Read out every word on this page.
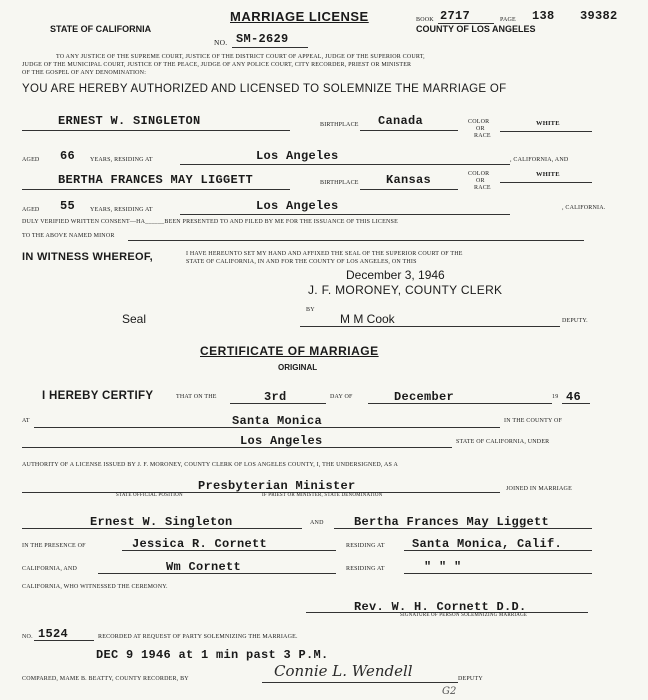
STATE OF CALIFORNIA
MARRIAGE LICENSE
NO. SM-2629
BOOK 2717	PAGE 138 39382
COUNTY OF LOS ANGELES
TO ANY JUSTICE OF THE SUPREME COURT, JUSTICE OF THE DISTRICT COURT OF APPEAL, JUDGE OF THE SUPERIOR COURT,
JUDGE OF THE MUNICIPAL COURT, JUSTICE OF THE PEACE, JUDGE OF ANY POLICE COURT, CITY RECORDER, PRIEST OR MINISTER
OF THE GOSPEL OF ANY DENOMINATION:
YOU ARE HEREBY AUTHORIZED AND LICENSED TO SOLEMNIZE THE MARRIAGE OF
ERNEST W. SINGLETON	BIRTHPLACE Canada	COLOR
OR
RACE
WHITE
AGED 66 YEARS, RESIDING AT	Los Angeles	, CALIFORNIA, AND
BERTHA FRANCES MAY LIGGETT	BIRTHPLACE Kansas	COLOR
OR
RACE
WHITE
AGED 55 YEARS, RESIDING AT	Los Angeles	, CALIFORNIA.
DULY VERIFIED WRITTEN CONSENT—HA______BEEN PRESENTED TO AND FILED BY ME FOR THE ISSUANCE OF THIS LICENSE
TO THE ABOVE NAMED MINOR
IN WITNESS WHEREOF,	I HAVE HEREUNTO SET MY HAND AND AFFIXED THE SEAL OF THE SUPERIOR COURT OF THE
STATE OF CALIFORNIA, IN AND FOR THE COUNTY OF LOS ANGELES, ON THIS
December 3, 1946
J. F. MORONEY, COUNTY CLERK
Seal
BY
M M Cook	DEPUTY.
CERTIFICATE OF MARRIAGE
ORIGINAL
I HEREBY CERTIFY	THAT ON THE	3rd	DAY OF	December	19 46
AT	Santa Monica	IN THE COUNTY OF
Los Angeles	STATE OF CALIFORNIA, UNDER
AUTHORITY OF A LICENSE ISSUED BY J. F. MORONEY, COUNTY CLERK OF LOS ANGELES COUNTY, I, THE UNDERSIGNED, AS A
Presbyterian Minister	JOINED IN MARRIAGE
STATE OFFICIAL POSITION	IF PRIEST OR MINISTER, STATE DENOMINATION
Ernest W. Singleton	AND	Bertha Frances May Liggett
IN THE PRESENCE OF	Jessica R. Cornett	RESIDING AT Santa Monica, Calif.
CALIFORNIA, AND	Wm Cornett	RESIDING AT	" " "
CALIFORNIA, WHO WITNESSED THE CEREMONY.
Rev. W. H. Cornett D.D.
SIGNATURE OF PERSON SOLEMNIZING MARRIAGE
NO. 1524	RECORDED AT REQUEST OF PARTY SOLEMNIZING THE MARRIAGE.
DEC 9 1946 at 1 min past 3 P.M.
COMPARED, MAME B. BEATTY, COUNTY RECORDER, BY	Connie L. Wendell	DEPUTY
G2
